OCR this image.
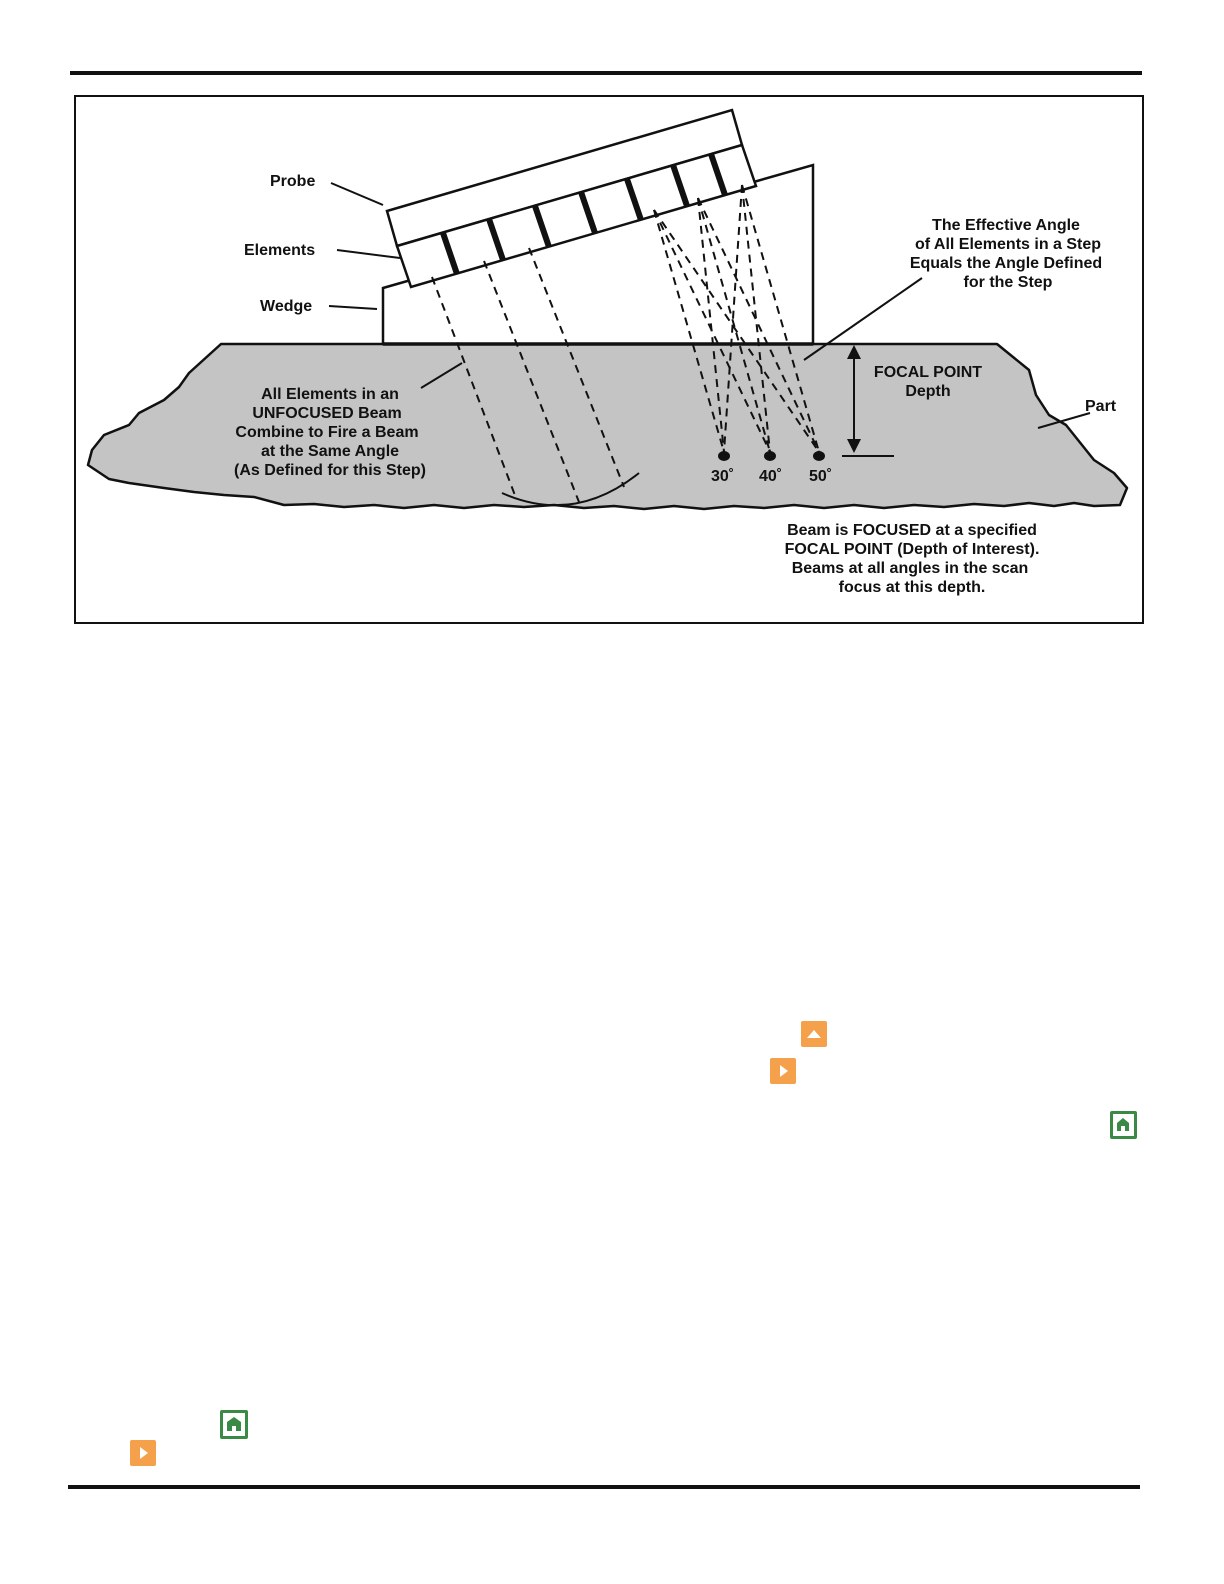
Probe
Elements
Wedge
Part
The Effective Angle
of All Elements in a Step
Equals the Angle Defined
for the Step
All Elements in an
UNFOCUSED Beam
Combine to Fire a Beam
at the Same Angle
(As Defined for this Step)
FOCAL POINT
Depth
30˚ 40˚ 50˚
Beam is FOCUSED at a specified
FOCAL POINT (Depth of Interest).
Beams at all angles in the scan
focus at this depth.
